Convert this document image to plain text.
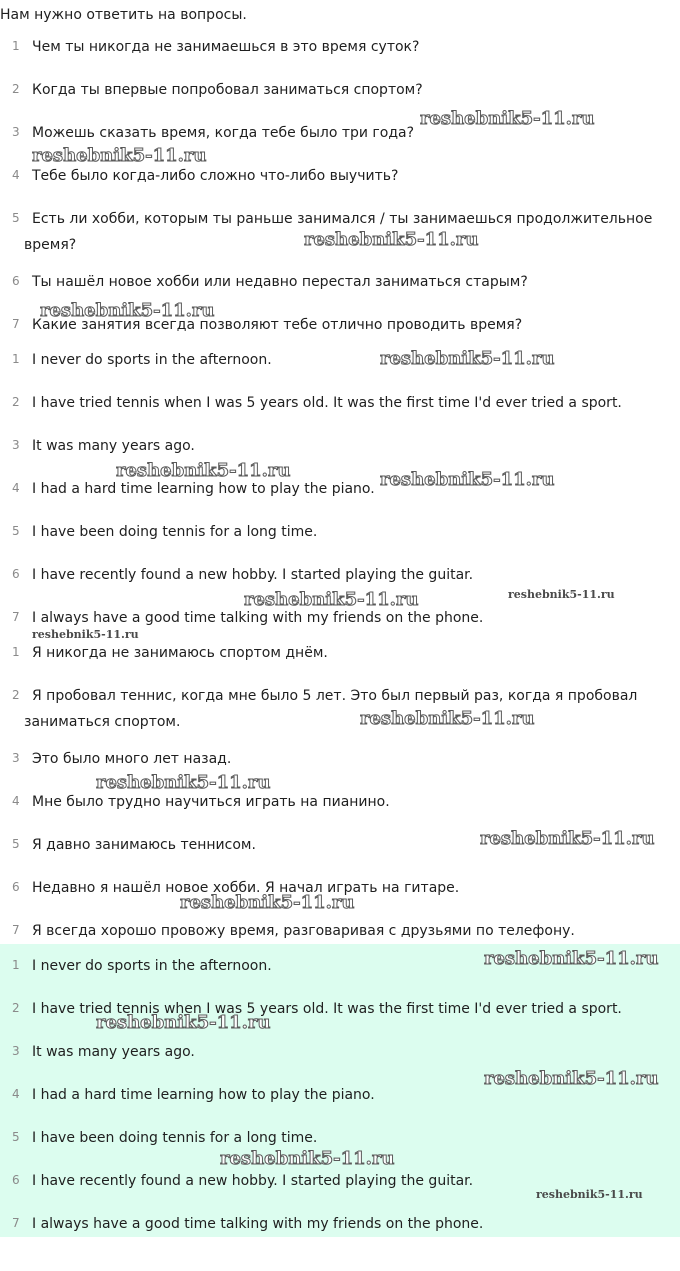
Нам нужно ответить на вопросы.
1 Чем ты никогда не занимаешься в это время суток?
2 Когда ты впервые попробовал заниматься спортом?
3 Можешь сказать время, когда тебе было три года?
4 Тебе было когда-либо сложно что-либо выучить?
5 Есть ли хобби, которым ты раньше занимался / ты занимаешься продолжительное
время?
6 Ты нашёл новое хобби или недавно перестал заниматься старым?
7 Какие занятия всегда позволяют тебе отлично проводить время?
1 I never do sports in the afternoon.
2 I have tried tennis when I was 5 years old. It was the first time I'd ever tried a sport.
3 It was many years ago.
4 I had a hard time learning how to play the piano.
5 I have been doing tennis for a long time.
6 I have recently found a new hobby. I started playing the guitar.
7 I always have a good time talking with my friends on the phone.
1 Я никогда не занимаюсь спортом днём.
2 Я пробовал теннис, когда мне было 5 лет. Это был первый раз, когда я пробовал
заниматься спортом.
3 Это было много лет назад.
4 Мне было трудно научиться играть на пианино.
5 Я давно занимаюсь теннисом.
6 Недавно я нашёл новое хобби. Я начал играть на гитаре.
7 Я всегда хорошо провожу время, разговаривая с друзьями по телефону.
1 I never do sports in the afternoon.
2 I have tried tennis when I was 5 years old. It was the first time I'd ever tried a sport.
3 It was many years ago.
4 I had a hard time learning how to play the piano.
5 I have been doing tennis for a long time.
6 I have recently found a new hobby. I started playing the guitar.
7 I always have a good time talking with my friends on the phone.
reshebnik5-11.ru
reshebnik5-11.ru
reshebnik5-11.ru
reshebnik5-11.ru
reshebnik5-11.ru
reshebnik5-11.ru	reshebnik5-11.ru
reshebnik5-11.ru	reshebnik5-11.ru
reshebnik5-11.ru
reshebnik5-11.ru
reshebnik5-11.ru
reshebnik5-11.ru
reshebnik5-11.ru
reshebnik5-11.ru
reshebnik5-11.ru
reshebnik5-11.ru
reshebnik5-11.ru
reshebnik5-11.ru
